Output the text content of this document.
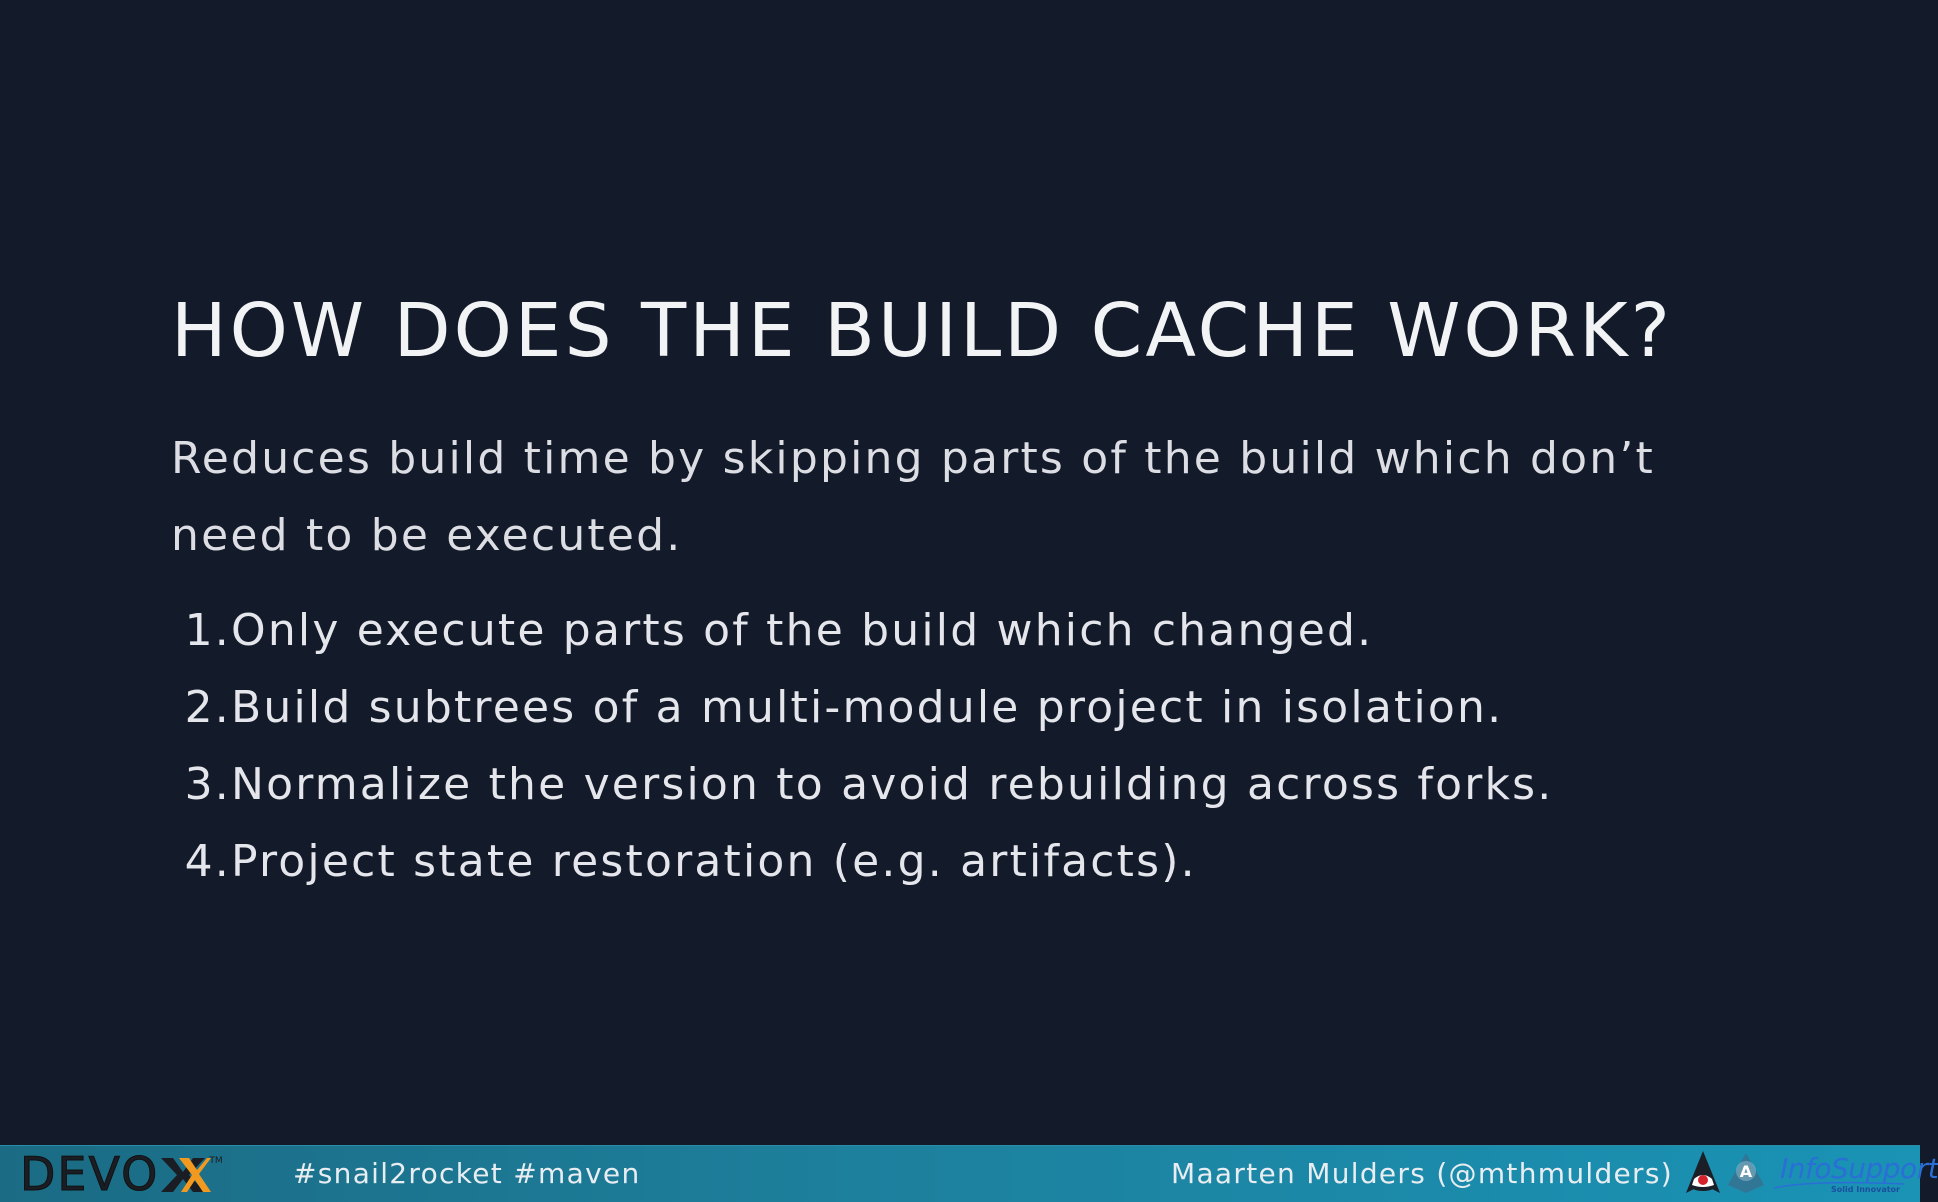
HOW DOES THE BUILD CACHE WORK?

Reduces build time by skipping parts of the build which don’t need to be executed.

1. Only execute parts of the build which changed.
2. Build subtrees of a multi-module project in isolation.
3. Normalize the version to avoid rebuilding across forks.
4. Project state restoration (e.g. artifacts).
DEVO	TM	#snail2rocket #maven	Maarten Mulders (@mthmulders)	A InfoSupport
Solid Innovator
